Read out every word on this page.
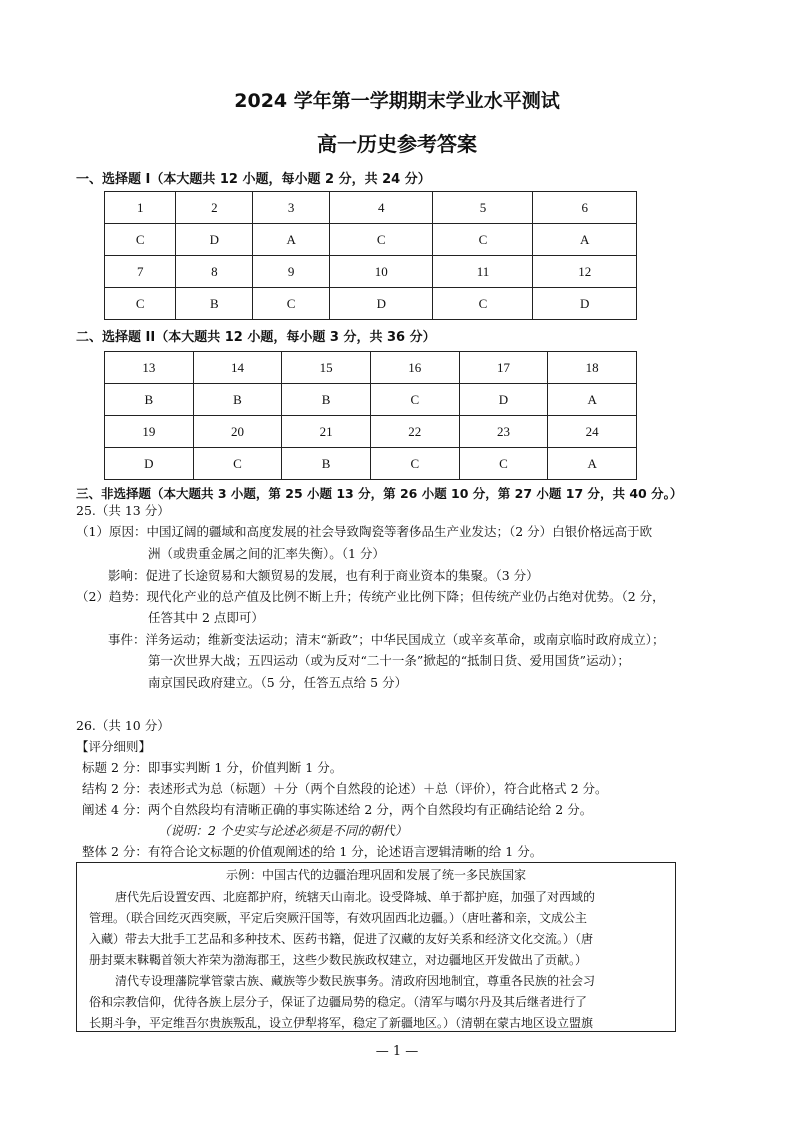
2024 学年第一学期期末学业水平测试
高一历史参考答案
一、选择题 I（本大题共 12 小题，每小题 2 分，共 24 分）
1	2	3	4	5	6
C	D	A	C	C	A
7	8	9	10	11	12
C	B	C	D	C	D
二、选择题 II（本大题共 12 小题，每小题 3 分，共 36 分）
13	14	15	16	17	18
B	B	B	C	D	A
19	20	21	22	23	24
D	C	B	C	C	A
三、非选择题（本大题共 3 小题，第 25 小题 13 分，第 26 小题 10 分，第 27 小题 17 分，共 40 分。）
25.（共 13 分）
（1）原因：中国辽阔的疆域和高度发展的社会导致陶瓷等奢侈品生产业发达；（2 分）白银价格远高于欧
洲（或贵重金属之间的汇率失衡）。（1 分）
影响：促进了长途贸易和大额贸易的发展，也有利于商业资本的集聚。（3 分）
（2）趋势：现代化产业的总产值及比例不断上升；传统产业比例下降；但传统产业仍占绝对优势。（2 分，
任答其中 2 点即可）
事件：洋务运动；维新变法运动；清末“新政”；中华民国成立（或辛亥革命，或南京临时政府成立）；
第一次世界大战；五四运动（或为反对“二十一条”掀起的“抵制日货、爱用国货”运动）；
南京国民政府建立。（5 分，任答五点给 5 分）
26.（共 10 分）
【评分细则】
标题 2 分：即事实判断 1 分，价值判断 1 分。
结构 2 分：表述形式为总（标题）＋分（两个自然段的论述）＋总（评价），符合此格式 2 分。
阐述 4 分：两个自然段均有清晰正确的事实陈述给 2 分，两个自然段均有正确结论给 2 分。
（说明：2 个史实与论述必须是不同的朝代）
整体 2 分：有符合论文标题的价值观阐述的给 1 分，论述语言逻辑清晰的给 1 分。
示例：中国古代的边疆治理巩固和发展了统一多民族国家
唐代先后设置安西、北庭都护府，统辖天山南北。设受降城、单于都护庭，加强了对西域的
管理。（联合回纥灭西突厥，平定后突厥汗国等，有效巩固西北边疆。）（唐吐蕃和亲，文成公主
入藏）带去大批手工艺品和多种技术、医药书籍，促进了汉藏的友好关系和经济文化交流。）（唐
册封粟末靺鞨首领大祚荣为渤海郡王，这些少数民族政权建立，对边疆地区开发做出了贡献。）
清代专设理藩院掌管蒙古族、藏族等少数民族事务。清政府因地制宜，尊重各民族的社会习
俗和宗教信仰，优待各族上层分子，保证了边疆局势的稳定。（清军与噶尔丹及其后继者进行了
长期斗争，平定维吾尔贵族叛乱，设立伊犁将军，稳定了新疆地区。）（清朝在蒙古地区设立盟旗
— 1 —
